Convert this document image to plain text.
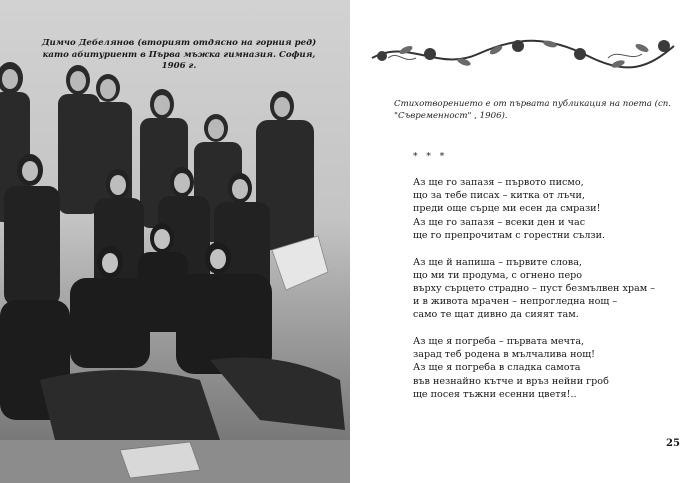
Димчо Дебелянов (вторият отдясно на горния ред)
като абитуриент в Първа мъжка гимназия. София, 1906 г.
Стихотворението е от първата публикация на поета (сп. "Съвременност" , 1906).
* * *
Аз ще го запазя – първото писмо,
що за тебе писах – китка от лъчи,
преди още сърце ми есен да смрази!
Аз ще го запазя – всеки ден и час
ще го препрочитам с горестни сълзи.
Аз ще й напиша – първите слова,
що ми ти продума, с огнено перо
върху сърцето страдно – пуст безмълвен храм –
и в живота мрачен – непрогледна нощ –
само те щат дивно да сияят там.
Аз ще я погреба – първата мечта,
зарад теб родена в мълчалива нощ!
Аз ще я погреба в сладка самота
във незнайно кътче и връз нейни гроб
ще посея тъжни есенни цветя!..
25
